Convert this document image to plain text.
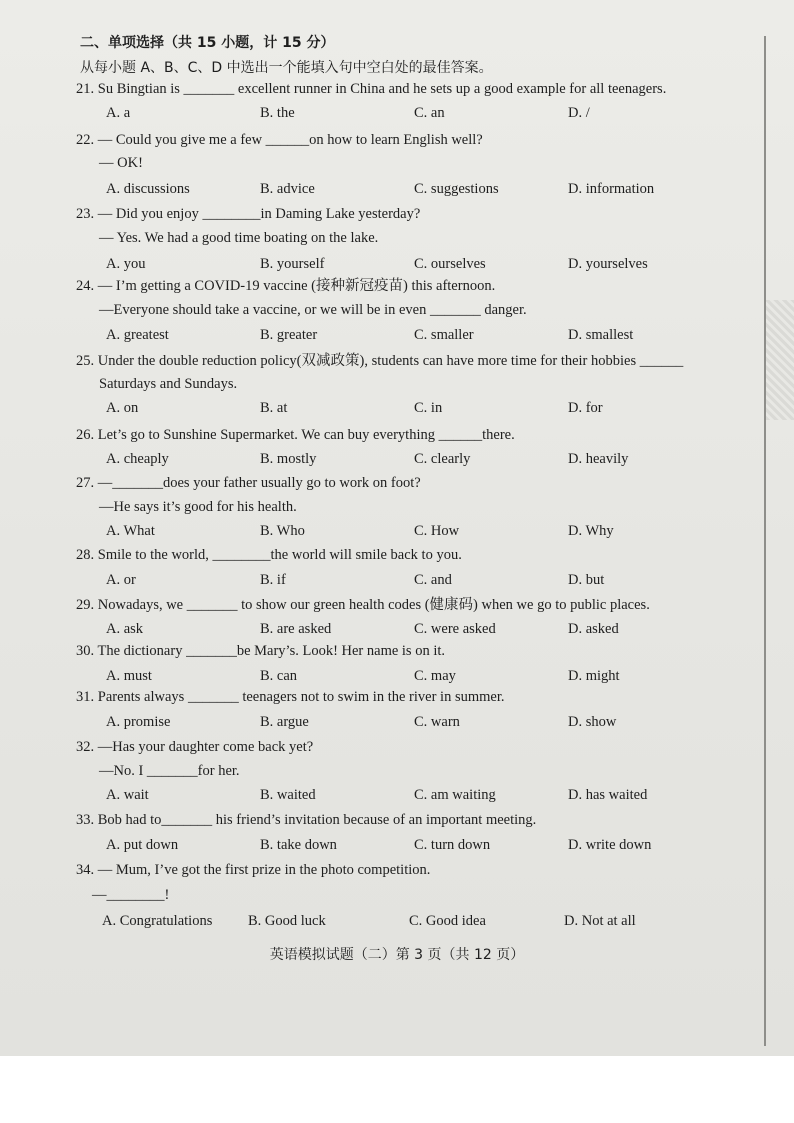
二、单项选择（共 15 小题，计 15 分）
从每小题 A、B、C、D 中选出一个能填入句中空白处的最佳答案。
21. Su Bingtian is _______ excellent runner in China and he sets up a good example for all teenagers.
A. a	B. the	C. an	D. /
22. — Could you give me a few ______on how to learn English well?
— OK!
A. discussions	B. advice	C. suggestions	D. information
23. — Did you enjoy ________in Daming Lake yesterday?
— Yes. We had a good time boating on the lake.
A. you	B. yourself	C. ourselves	D. yourselves
24. — I’m getting a COVID-19 vaccine (接种新冠疫苗) this afternoon.
—Everyone should take a vaccine, or we will be in even _______ danger.
A. greatest	B. greater	C. smaller	D. smallest
25. Under the double reduction policy(双减政策), students can have more time for their hobbies ______
Saturdays and Sundays.
A. on	B. at	C. in	D. for
26. Let’s go to Sunshine Supermarket. We can buy everything ______there.
A. cheaply	B. mostly	C. clearly	D. heavily
27. —_______does your father usually go to work on foot?
—He says it’s good for his health.
A. What	B. Who	C. How	D. Why
28. Smile to the world, ________the world will smile back to you.
A. or	B. if	C. and	D. but
29. Nowadays, we _______ to show our green health codes (健康码) when we go to public places.
A. ask	B. are asked	C. were asked	D. asked
30. The dictionary _______be Mary’s. Look! Her name is on it.
A. must	B. can	C. may	D. might
31. Parents always _______ teenagers not to swim in the river in summer.
A. promise	B. argue	C. warn	D. show
32. —Has your daughter come back yet?
—No. I _______for her.
A. wait	B. waited	C. am waiting	D. has waited
33. Bob had to_______ his friend’s invitation because of an important meeting.
A. put down	B. take down	C. turn down	D. write down
34. — Mum, I’ve got the first prize in the photo competition.
—________!
A. Congratulations B. Good luck	C. Good idea	D. Not at all
英语模拟试题（二）第 3 页（共 12 页）
